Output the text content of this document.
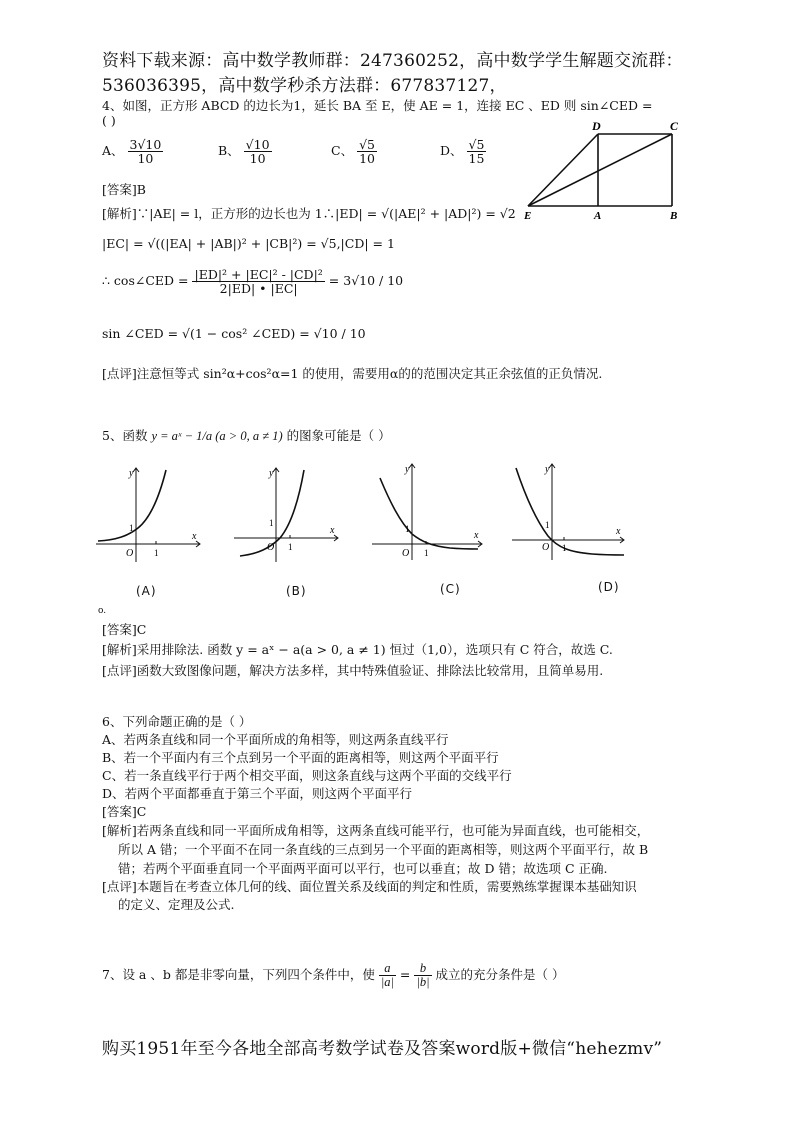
资料下载来源：高中数学教师群：247360252，高中数学学生解题交流群：
536036395，高中数学秒杀方法群：677837127，
4、如图，正方形 ABCD 的边长为1，延长 BA 至 E，使 AE = 1，连接 EC 、ED 则 sin∠CED =
( )
A、 $\frac{3√10}{10}$	B、 $\frac{√10}{10}$	C、 $\frac{√5}{10}$	D、 $\frac{√5}{15}$
D	C
E	A	B
[答案]B
[解析]∵|AE| = l，正方形的边长也为 1∴|ED| = √(|AE|² + |AD|²) = √2
|EC| = √((|EA| + |AB|)² + |CB|²) = √5,|CD| = 1
∴ cos∠CED = $\frac{\text{|ED|² + |EC|² - |CD|²}}{2|ED| • |EC|} = 3√10 / 10$
sin ∠CED = √(1 − cos² ∠CED) = √10 / 10
[点评]注意恒等式 sin²α+cos²α=1 的使用，需要用α的的范围决定其正余弦值的正负情况.
5、函数 y = aˣ − 1/a (a > 0, a ≠ 1) 的图象可能是（ ）
y
x
O 1
1
(A)
y
x
O 1
1
(B)
y
x
O 1
1
(C)
y
x
O 1
1
(D)
o.
[答案]C
[解析]采用排除法. 函数 y = aˣ − a(a > 0, a ≠ 1) 恒过（1,0），选项只有 C 符合，故选 C.
[点评]函数大致图像问题，解决方法多样，其中特殊值验证、排除法比较常用，且简单易用.
6、下列命题正确的是（ ）
A、若两条直线和同一个平面所成的角相等，则这两条直线平行
B、若一个平面内有三个点到另一个平面的距离相等，则这两个平面平行
C、若一条直线平行于两个相交平面，则这条直线与这两个平面的交线平行
D、若两个平面都垂直于第三个平面，则这两个平面平行
[答案]C
[解析]若两条直线和同一平面所成角相等，这两条直线可能平行，也可能为异面直线，也可能相交，
所以 A 错；一个平面不在同一条直线的三点到另一个平面的距离相等，则这两个平面平行，故 B
错；若两个平面垂直同一个平面两平面可以平行，也可以垂直；故 D 错；故选项 C 正确.
[点评]本题旨在考查立体几何的线、面位置关系及线面的判定和性质，需要熟练掌握课本基础知识
的定义、定理及公式.
7、设 a 、b 都是非零向量，下列四个条件中，使 $\frac{a}{|a|} = \frac{b}{|b|}$ 成立的充分条件是（ ）
购买1951年至今各地全部高考数学试卷及答案word版+微信“hehezmv”
